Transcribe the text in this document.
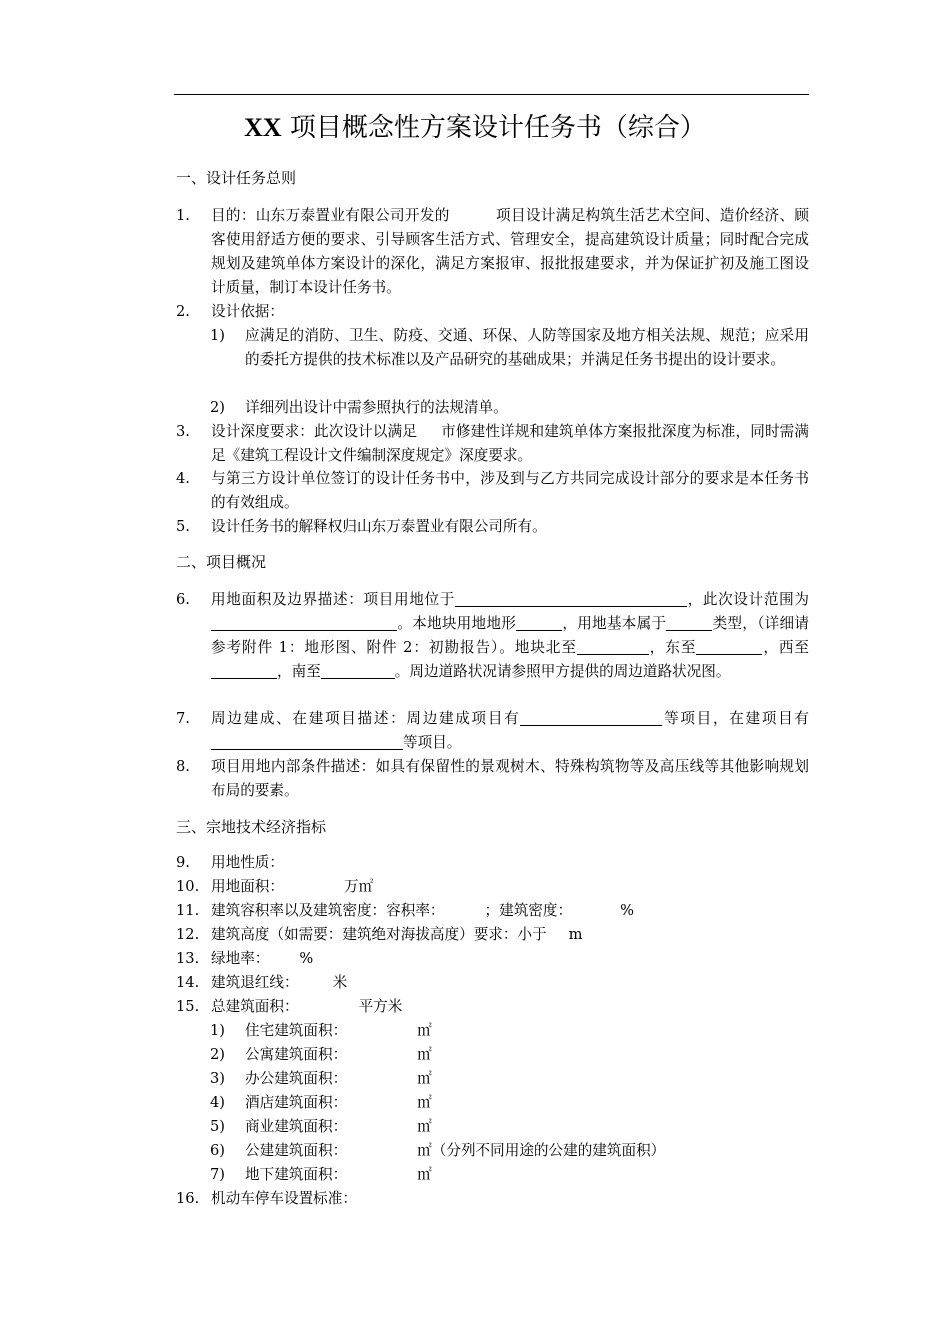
XX 项目概念性方案设计任务书（综合）
一、设计任务总则
1.	目的：山东万泰置业有限公司开发的	项目设计满足构筑生活艺术空间、造价经济、顾客使用舒适方便的要求、引导顾客生活方式、管理安全，提高建筑设计质量；同时配合完成规划及建筑单体方案设计的深化，满足方案报审、报批报建要求，并为保证扩初及施工图设计质量，制订本设计任务书。
2.	设计依据：
1)	应满足的消防、卫生、防疫、交通、环保、人防等国家及地方相关法规、规范；应采用的委托方提供的技术标准以及产品研究的基础成果；并满足任务书提出的设计要求。
2)	详细列出设计中需参照执行的法规清单。
3.	设计深度要求：此次设计以满足 市修建性详规和建筑单体方案报批深度为标准，同时需满足《建筑工程设计文件编制深度规定》深度要求。
4.	与第三方设计单位签订的设计任务书中，涉及到与乙方共同完成设计部分的要求是本任务书的有效组成。
5.	设计任务书的解释权归山东万泰置业有限公司所有。
二、项目概况
6.	用地面积及边界描述：项目用地位于	，此次设计范围为。本地块用地地形	，用地基本属于	类型，（详细请参考附件 1：地形图、附件 2：初勘报告）。地块北至	，东至	，西至，南至	。周边道路状况请参照甲方提供的周边道路状况图。
7.	周边建成、在建项目描述：周边建成项目有	等项目，在建项目有等项目。
8.	项目用地内部条件描述：如具有保留性的景观树木、特殊构筑物等及高压线等其他影响规划布局的要素。
三、宗地技术经济指标
9.	用地性质：
10. 用地面积：	万㎡
11. 建筑容积率以及建筑密度：容积率：	；建筑密度：	%
12. 建筑高度（如需要：建筑绝对海拔高度）要求：小于 m
13. 绿地率： %
14. 建筑退红线： 米
15. 总建筑面积：	平方米
1)	住宅建筑面积：	㎡
2)	公寓建筑面积：	㎡
3)	办公建筑面积：	㎡
4)	酒店建筑面积：	㎡
5)	商业建筑面积：	㎡
6)	公建建筑面积：	㎡（分列不同用途的公建的建筑面积）
7)	地下建筑面积：	㎡
16. 机动车停车设置标准：
